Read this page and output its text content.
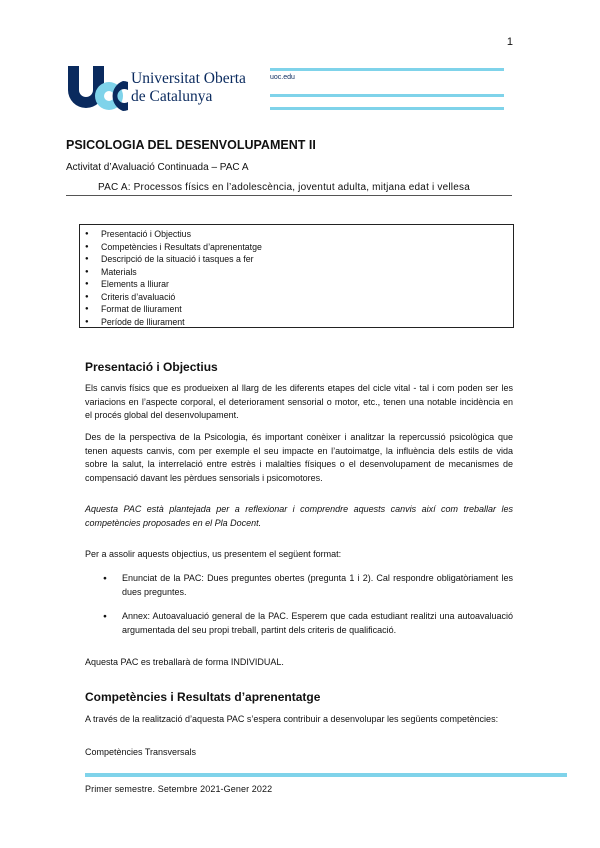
1
Universitat Oberta
de Catalunya
uoc.edu
PSICOLOGIA DEL DESENVOLUPAMENT II
Activitat d’Avaluació Continuada – PAC A
PAC A: Processos físics en l’adolescència, joventut adulta, mitjana edat i vellesa
● Presentació i Objectius
● Competències i Resultats d’aprenentatge
● Descripció de la situació i tasques a fer
● Materials
● Elements a lliurar
● Criteris d’avaluació
● Format de lliurament
● Període de lliurament
Presentació i Objectius

Els canvis físics que es produeixen al llarg de les diferents etapes del cicle vital - tal i com poden ser les variacions en l’aspecte corporal, el deteriorament sensorial o motor, etc., tenen una notable incidència en el procés global del desenvolupament.

Des de la perspectiva de la Psicologia, és important conèixer i analitzar la repercussió psicològica que tenen aquests canvis, com per exemple el seu impacte en l’autoimatge, la influència dels estils de vida sobre la salut, la interrelació entre estrès i malalties físiques o el desenvolupament de mecanismes de compensació davant les pèrdues sensorials i psicomotores.

Aquesta PAC està plantejada per a reflexionar i comprendre aquests canvis així com treballar les competències proposades en el Pla Docent.

Per a assolir aquests objectius, us presentem el següent format:

● Enunciat de la PAC: Dues preguntes obertes (pregunta 1 i 2). Cal respondre obligatòriament les dues preguntes.
● Annex: Autoavaluació general de la PAC. Esperem que cada estudiant realitzi una autoavaluació argumentada del seu propi treball, partint dels criteris de qualificació.

Aquesta PAC es treballarà de forma INDIVIDUAL.

Competències i Resultats d’aprenentatge

A través de la realització d’aquesta PAC s’espera contribuir a desenvolupar les següents competències:

Competències Transversals

Primer semestre. Setembre 2021-Gener 2022
